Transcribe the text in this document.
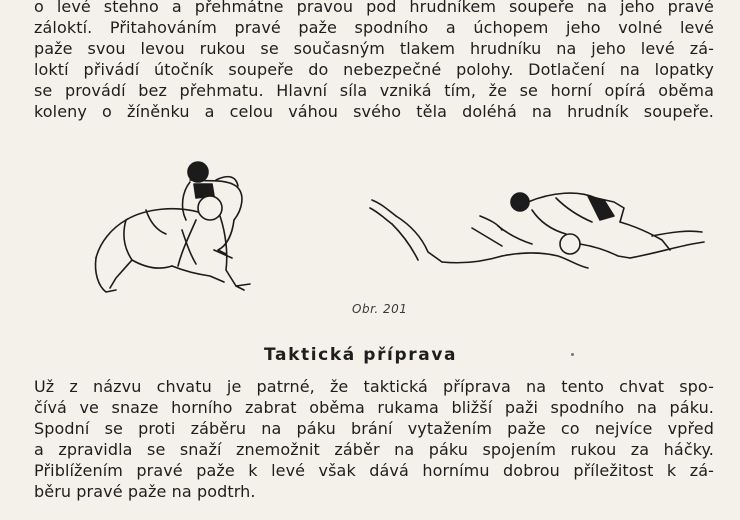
o levé stehno a přehmátne pravou pod hrudníkem soupeře na jeho pravé
záloktí. Přitahováním pravé paže spodního a úchopem jeho volné levé
paže svou levou rukou se současným tlakem hrudníku na jeho levé zá-
loktí přivádí útočník soupeře do nebezpečné polohy. Dotlačení na lopatky
se provádí bez přehmatu. Hlavní síla vzniká tím, že se horní opírá oběma
koleny o žíněnku a celou váhou svého těla doléhá na hrudník soupeře.
Obr. 201
Taktická příprava
Už z názvu chvatu je patrné, že taktická příprava na tento chvat spo-
čívá ve snaze horního zabrat oběma rukama bližší paži spodního na páku.
Spodní se proti záběru na páku brání vytažením paže co nejvíce vpřed
a zpravidla se snaží znemožnit záběr na páku spojením rukou za háčky.
Přiblížením pravé paže k levé však dává hornímu dobrou příležitost k zá-
běru pravé paže na podtrh.
